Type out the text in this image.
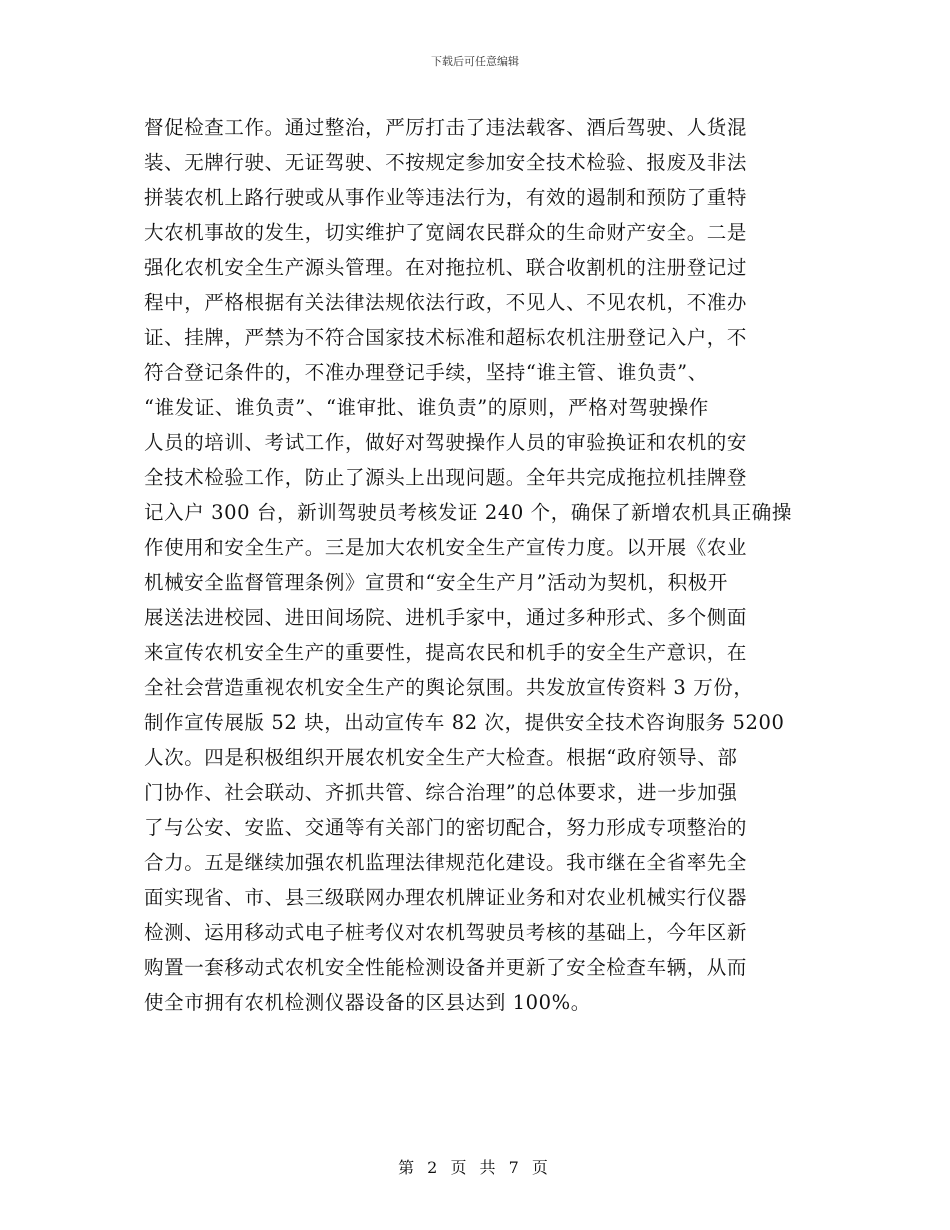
下载后可任意编辑
督促检查工作。通过整治，严厉打击了违法载客、酒后驾驶、人货混
装、无牌行驶、无证驾驶、不按规定参加安全技术检验、报废及非法
拼装农机上路行驶或从事作业等违法行为，有效的遏制和预防了重特
大农机事故的发生，切实维护了宽阔农民群众的生命财产安全。二是
强化农机安全生产源头管理。在对拖拉机、联合收割机的注册登记过
程中，严格根据有关法律法规依法行政，不见人、不见农机，不准办
证、挂牌，严禁为不符合国家技术标准和超标农机注册登记入户，不
符合登记条件的，不准办理登记手续，坚持“谁主管、谁负责”、
“谁发证、谁负责”、“谁审批、谁负责”的原则，严格对驾驶操作
人员的培训、考试工作，做好对驾驶操作人员的审验换证和农机的安
全技术检验工作，防止了源头上出现问题。全年共完成拖拉机挂牌登
记入户 300 台，新训驾驶员考核发证 240 个，确保了新增农机具正确操
作使用和安全生产。三是加大农机安全生产宣传力度。以开展《农业
机械安全监督管理条例》宣贯和“安全生产月”活动为契机，积极开
展送法进校园、进田间场院、进机手家中，通过多种形式、多个侧面
来宣传农机安全生产的重要性，提高农民和机手的安全生产意识，在
全社会营造重视农机安全生产的舆论氛围。共发放宣传资料 3 万份，
制作宣传展版 52 块，出动宣传车 82 次，提供安全技术咨询服务 5200
人次。四是积极组织开展农机安全生产大检查。根据“政府领导、部
门协作、社会联动、齐抓共管、综合治理”的总体要求，进一步加强
了与公安、安监、交通等有关部门的密切配合，努力形成专项整治的
合力。五是继续加强农机监理法律规范化建设。我市继在全省率先全
面实现省、市、县三级联网办理农机牌证业务和对农业机械实行仪器
检测、运用移动式电子桩考仪对农机驾驶员考核的基础上，今年区新
购置一套移动式农机安全性能检测设备并更新了安全检查车辆，从而
使全市拥有农机检测仪器设备的区县达到 100%。
第 2 页 共 7 页
